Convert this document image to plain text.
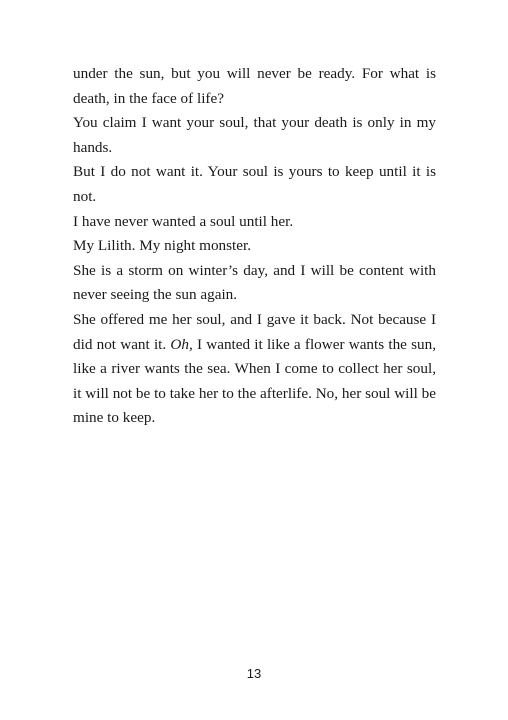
under the sun, but you will never be ready. For what is death, in the face of life?

You claim I want your soul, that your death is only in my hands.

But I do not want it. Your soul is yours to keep until it is not.

I have never wanted a soul until her.

My Lilith. My night monster.

She is a storm on winter’s day, and I will be content with never seeing the sun again.

She offered me her soul, and I gave it back. Not because I did not want it. Oh, I wanted it like a flower wants the sun, like a river wants the sea. When I come to collect her soul, it will not be to take her to the afterlife. No, her soul will be mine to keep.

13
